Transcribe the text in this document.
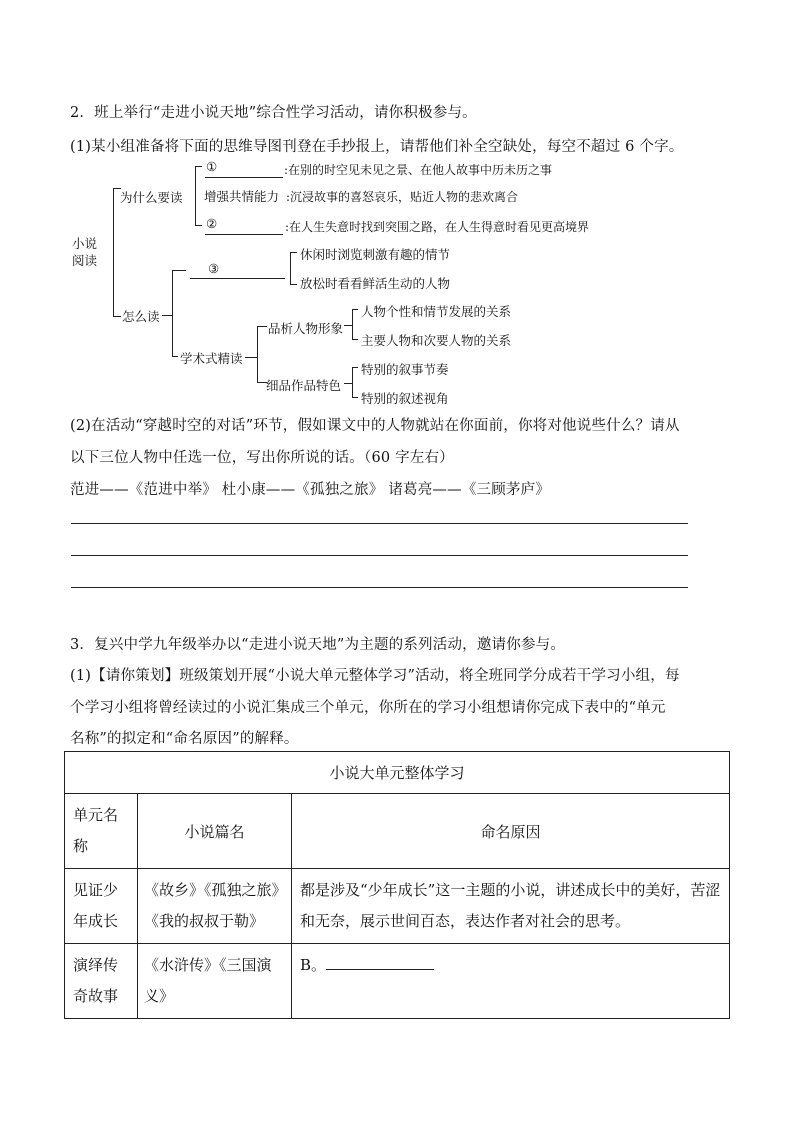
2．班上举行“走进小说天地”综合性学习活动，请你积极参与。
(1)某小组准备将下面的思维导图刊登在手抄报上，请帮他们补全空缺处，每空不超过 6 个字。
小说
阅读
为什么要读
①	:在别的时空见未见之景、在他人故事中历未历之事
增强共情能力 :沉浸故事的喜怒哀乐，贴近人物的悲欢离合
②	:在人生失意时找到突围之路，在人生得意时看见更高境界
怎么读
③
休闲时浏览刺激有趣的情节
放松时看看鲜活生动的人物
学术式精读
品析人物形象
人物个性和情节发展的关系
主要人物和次要人物的关系
细品作品特色
特别的叙事节奏
特别的叙述视角
(2)在活动“穿越时空的对话”环节，假如课文中的人物就站在你面前，你将对他说些什么？请从
以下三位人物中任选一位，写出你所说的话。（60 字左右）
范进——《范进中举》 杜小康——《孤独之旅》 诸葛亮——《三顾茅庐》
3．复兴中学九年级举办以“走进小说天地”为主题的系列活动，邀请你参与。
(1)【请你策划】班级策划开展“小说大单元整体学习”活动，将全班同学分成若干学习小组，每
个学习小组将曾经读过的小说汇集成三个单元，你所在的学习小组想请你完成下表中的“单元
名称”的拟定和“命名原因”的解释。
小说大单元整体学习		

单元名称	小说篇名	命名原因

见证少年成长	《故乡》《孤独之旅》《我的叔叔于勒》	都是涉及“少年成长”这一主题的小说，讲述成长中的美好，苦涩和无奈，展示世间百态，表达作者对社会的思考。

演绎传奇故事	《水浒传》《三国演义》	B。
